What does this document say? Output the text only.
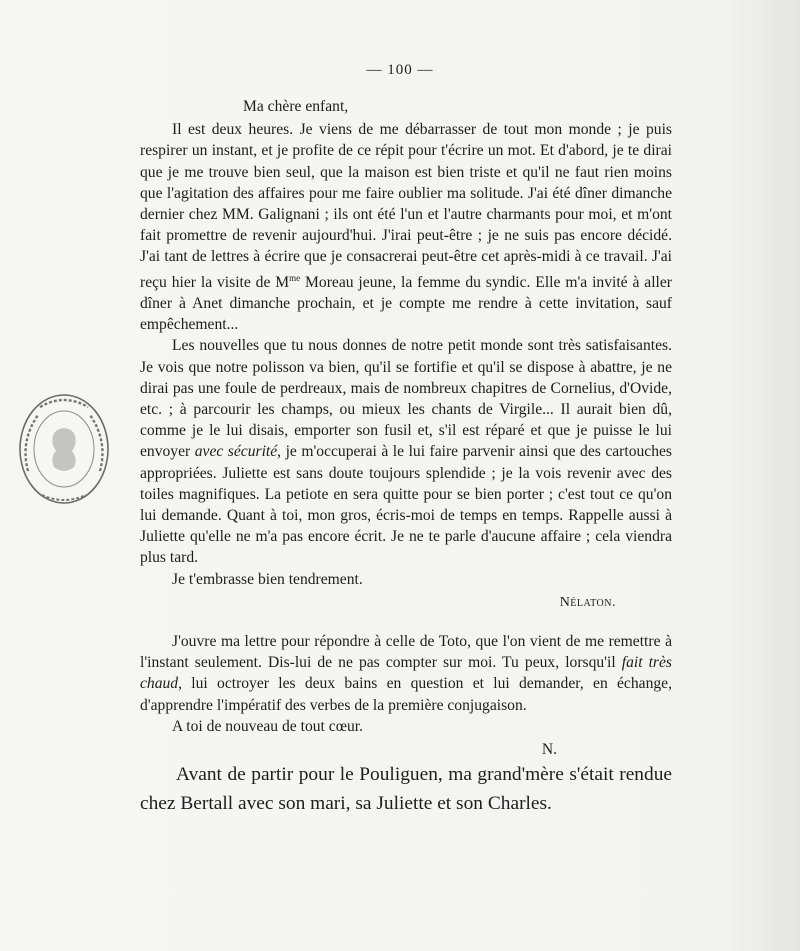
— 100 —

Ma chère enfant,

Il est deux heures. Je viens de me débarrasser de tout mon monde ; je puis respirer un instant, et je profite de ce répit pour t'écrire un mot. Et d'abord, je te dirai que je me trouve bien seul, que la maison est bien triste et qu'il ne faut rien moins que l'agitation des affaires pour me faire oublier ma solitude. J'ai été dîner dimanche dernier chez MM. Galignani ; ils ont été l'un et l'autre charmants pour moi, et m'ont fait promettre de revenir aujourd'hui. J'irai peut-être ; je ne suis pas encore décidé. J'ai tant de lettres à écrire que je consacrerai peut-être cet après-midi à ce travail. J'ai reçu hier la visite de $M^{me}$ Moreau jeune, la femme du syndic. Elle m'a invité à aller dîner à Anet dimanche prochain, et je compte me rendre à cette invitation, sauf empêchement...

Les nouvelles que tu nous donnes de notre petit monde sont très satisfaisantes. Je vois que notre polisson va bien, qu'il se fortifie et qu'il se dispose à abattre, je ne dirai pas une foule de perdreaux, mais de nombreux chapitres de Cornelius, d'Ovide, etc. ; à parcourir les champs, ou mieux les chants de Virgile... Il aurait bien dû, comme je le lui disais, emporter son fusil et, s'il est réparé et que je puisse le lui envoyer avec sécurité, je m'occuperai à le lui faire parvenir ainsi que des cartouches appropriées. Juliette est sans doute toujours splendide ; je la vois revenir avec des toiles magnifiques. La petiote en sera quitte pour se bien porter ; c'est tout ce qu'on lui demande. Quant à toi, mon gros, écris-moi de temps en temps. Rappelle aussi à Juliette qu'elle ne m'a pas encore écrit. Je ne te parle d'aucune affaire ; cela viendra plus tard.

Je t'embrasse bien tendrement.

Nélaton.

J'ouvre ma lettre pour répondre à celle de Toto, que l'on vient de me remettre à l'instant seulement. Dis-lui de ne pas compter sur moi. Tu peux, lorsqu'il fait très chaud, lui octroyer les deux bains en question et lui demander, en échange, d'apprendre l'impératif des verbes de la première conjugaison.

A toi de nouveau de tout cœur.

N.

Avant de partir pour le Pouliguen, ma grand'mère s'était rendue chez Bertall avec son mari, sa Juliette et son Charles.
